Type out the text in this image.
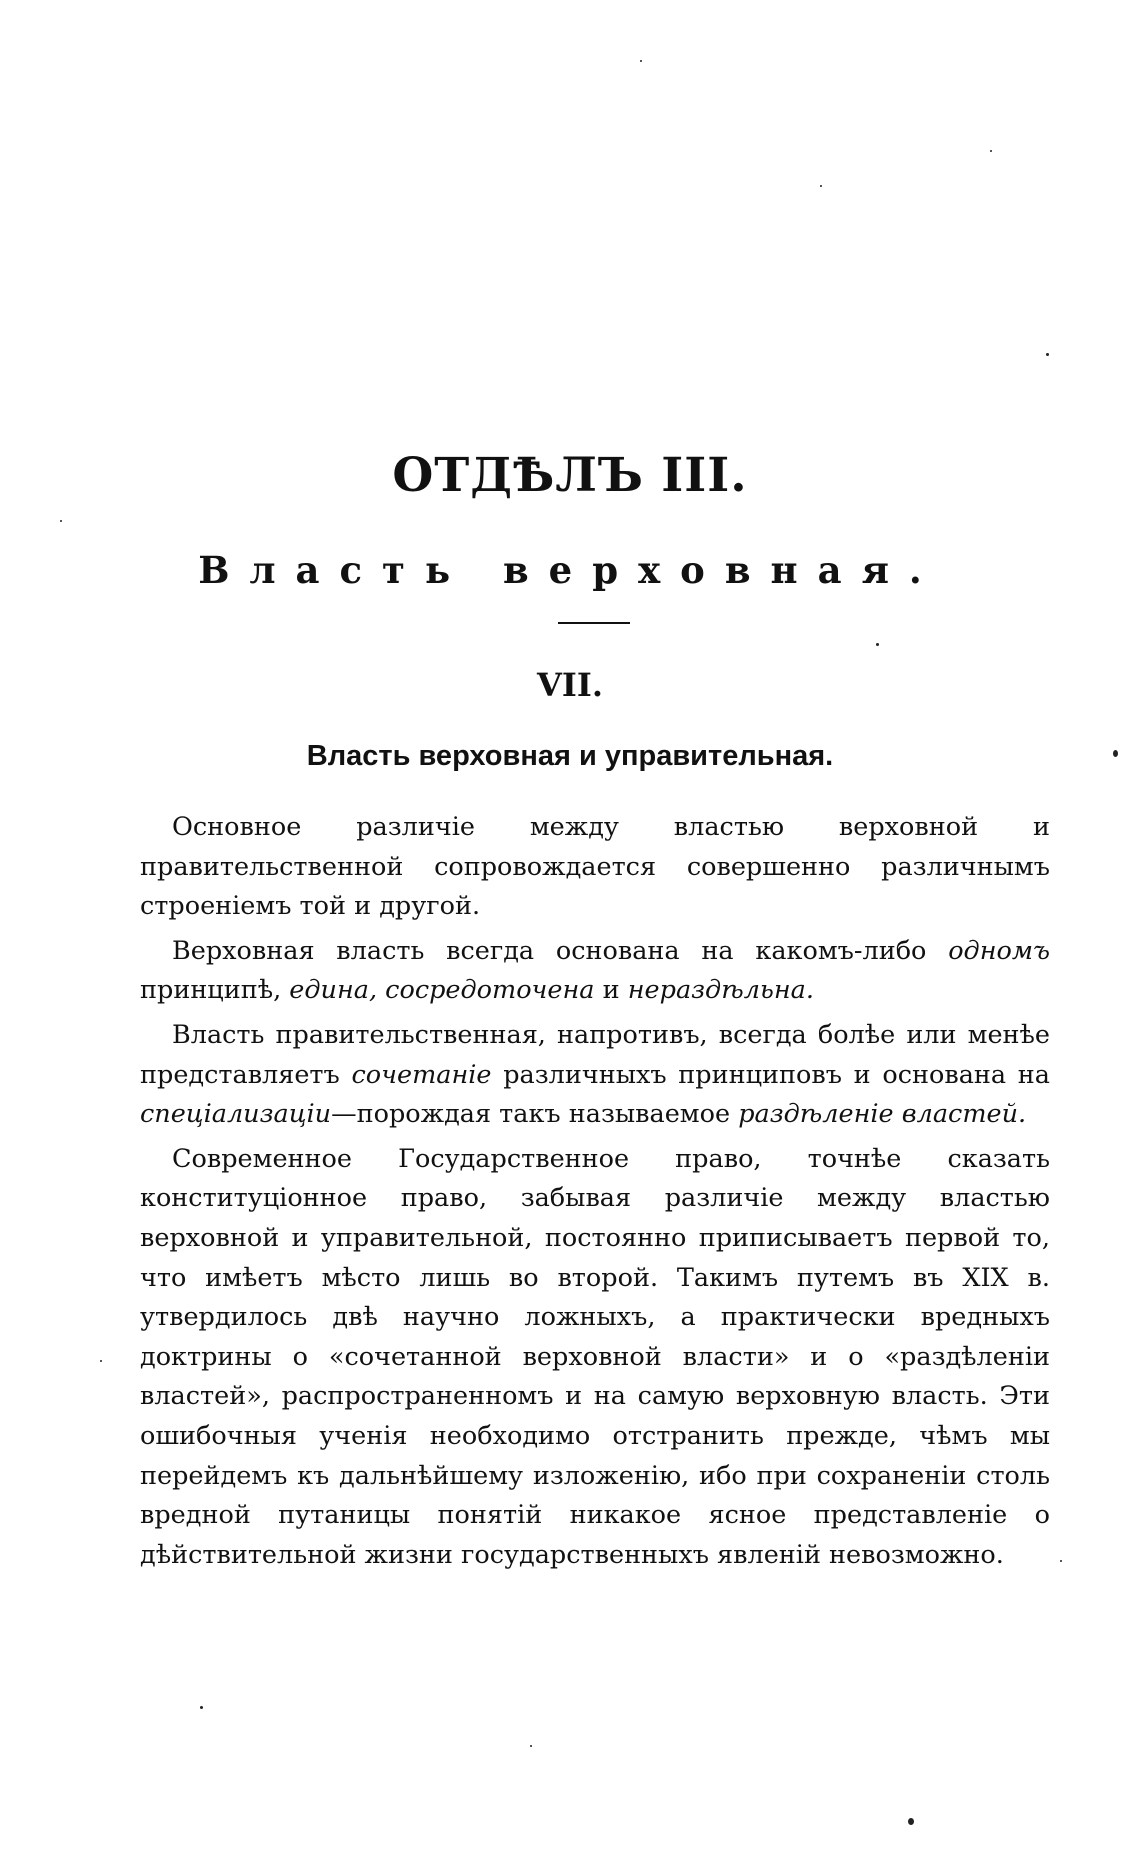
ОТДѢЛЪ III.
Власть верховная.
VII.
Власть верховная и управительная.

Основное различіе между властью верховной и правительственной сопровождается совершенно различнымъ строеніемъ той и другой.

Верховная власть всегда основана на какомъ-либо одномъ принципѣ, едина, сосредоточена и нераздѣльна.

Власть правительственная, напротивъ, всегда болѣе или менѣе представляетъ сочетаніе различныхъ принциповъ и основана на спеціализаціи—порождая такъ называемое раздѣленіе властей.

Современное Государственное право, точнѣе сказать конституціонное право, забывая различіе между властью верховной и управительной, постоянно приписываетъ первой то, что имѣетъ мѣсто лишь во второй. Такимъ путемъ въ XIX в. утвердилось двѣ научно ложныхъ, а практически вредныхъ доктрины о «сочетанной верховной власти» и о «раздѣленіи властей», распространенномъ и на самую верховную власть. Эти ошибочныя ученія необходимо отстранить прежде, чѣмъ мы перейдемъ къ дальнѣйшему изложенію, ибо при сохраненіи столь вредной путаницы понятій никакое ясное представленіе о дѣйствительной жизни государственныхъ явленій невозможно.
